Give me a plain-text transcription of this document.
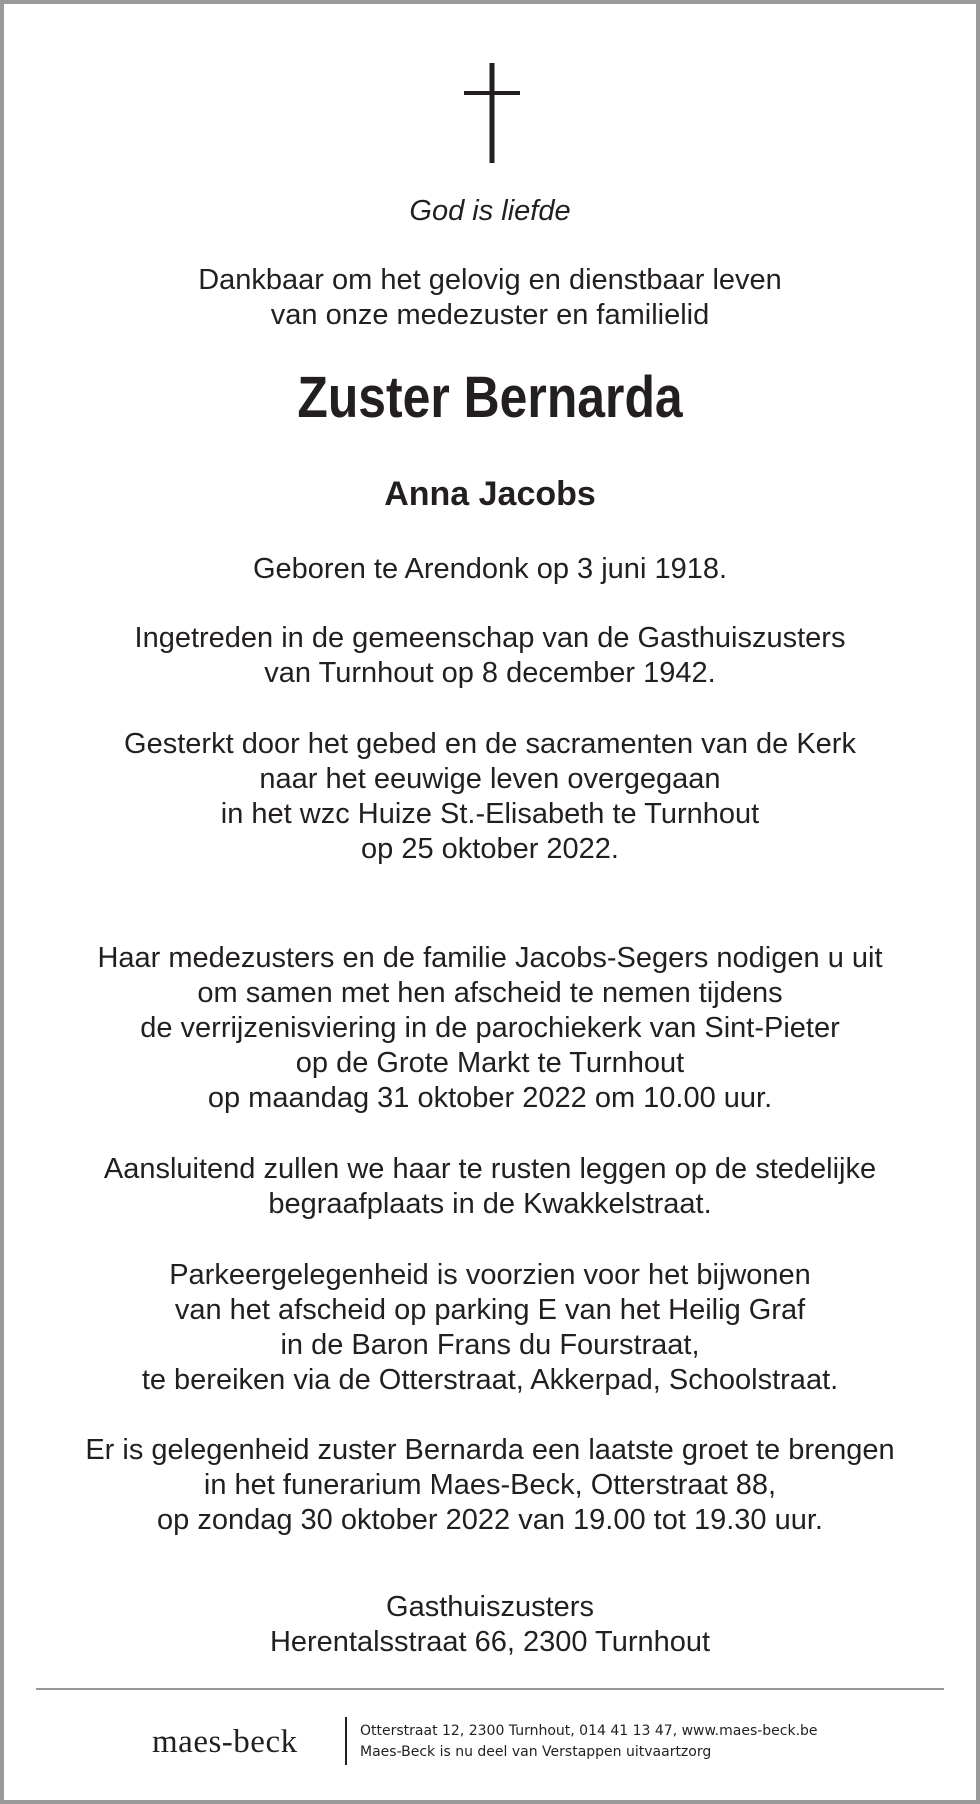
God is liefde

Dankbaar om het gelovig en dienstbaar leven
van onze medezuster en familielid

Zuster Bernarda

Anna Jacobs

Geboren te Arendonk op 3 juni 1918.

Ingetreden in de gemeenschap van de Gasthuiszusters
van Turnhout op 8 december 1942.

Gesterkt door het gebed en de sacramenten van de Kerk
naar het eeuwige leven overgegaan
in het wzc Huize St.-Elisabeth te Turnhout
op 25 oktober 2022.

Haar medezusters en de familie Jacobs-Segers nodigen u uit
om samen met hen afscheid te nemen tijdens
de verrijzenisviering in de parochiekerk van Sint-Pieter
op de Grote Markt te Turnhout
op maandag 31 oktober 2022 om 10.00 uur.

Aansluitend zullen we haar te rusten leggen op de stedelijke
begraafplaats in de Kwakkelstraat.

Parkeergelegenheid is voorzien voor het bijwonen
van het afscheid op parking E van het Heilig Graf
in de Baron Frans du Fourstraat,
te bereiken via de Otterstraat, Akkerpad, Schoolstraat.

Er is gelegenheid zuster Bernarda een laatste groet te brengen
in het funerarium Maes-Beck, Otterstraat 88,
op zondag 30 oktober 2022 van 19.00 tot 19.30 uur.

Gasthuiszusters
Herentalsstraat 66, 2300 Turnhout

maes-beck	Otterstraat 12, 2300 Turnhout, 014 41 13 47, www.maes-beck.be
Maes-Beck is nu deel van Verstappen uitvaartzorg
